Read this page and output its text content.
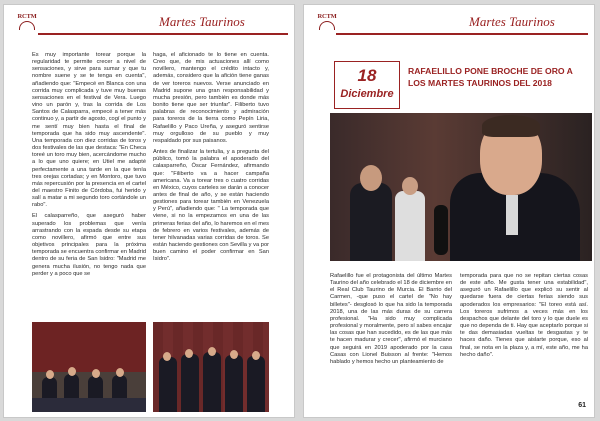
RCTM	Martes Taurinos

Es muy importante torear porque la regularidad te permite crecer a nivel de sensaciones, y sirve para sumar y que tu nombre suene y se te tenga en cuenta", añadiendo que: "Empecé en Blanca con una corrida muy complicada y tuve muy buenas sensaciones en el festival de Vera. Luego vino un parón y, tras la corrida de Los Santos de Calasparra, empecé a tener más continuo y, a partir de agosto, cogí el punto y me sentí muy bien hasta el final de temporada que ha sido muy ascendente". Una temporada con diez corridas de toros y dos festivales de las que destaca: "En Checa toreé un toro muy bien, acercándome mucho a lo que uno quiere; en Utiel me adapté perfectamente a una tarde en la que tenía tres orejas cortadas; y en Montoro, que tuvo más repercusión por la presencia en el cartel del maestro Finito de Córdoba, fui herido y salí a matar a mi segundo toro cortándole un rabo".

El calasparreño, que aseguró haber superado los problemas que venía arrastrando con la espada desde su etapa como novillero, afirmó que entre sus objetivos principales para la próxima temporada se encuentra confirmar en Madrid dentro de su feria de San Isidro: "Madrid me genera mucha ilusión, no tengo nada que perder y a poco que se

haga, el aficionado te lo tiene en cuenta. Creo que, de mis actuaciones allí como novillero, mantengo el crédito intacto y, además, considero que la afición tiene ganas de ver toreros nuevos. Verse anunciado en Madrid supone una gran responsabilidad y mucha presión, pero también es donde más bonito tiene que ser triunfar". Filiberto tuvo palabras de reconocimiento y admiración para toreros de la tierra como Pepín Liria, Rafaelillo y Paco Ureña, y aseguró sentirse muy orgulloso de su pueblo y muy respaldado por sus paisanos.

Antes de finalizar la tertulia, y a pregunta del público, tomó la palabra el apoderado del calasparreño, Óscar Fernández, afirmando que: "Filiberto va a hacer campaña americana. Va a torear tres o cuatro corridas en México, cuyos carteles se darán a conocer antes de final de año, y se están haciendo gestiones para torear también en Venezuela y Perú", añadiendo que: " La temporada que viene, si no la empezamos en una de las primeras ferias del año, lo haremos en el mes de febrero en varios festivales, además de tener hilvanadas varias corridas de toros. Se están haciendo gestiones con Sevilla y va por buen camino el poder confirmar en San Isidro".

RCTM	Martes Taurinos
18
Diciembre
RAFAELILLO PONE BROCHE DE ORO A LOS MARTES TAURINOS DEL 2018

Rafaelillo fue el protagonista del último Martes Taurino del año celebrado el 18 de diciembre en el Real Club Taurino de Murcia. El Barrio del Carmen, -que puso el cartel de "No hay billetes"- desglosó lo que ha sido la temporada 2018, una de las más duras de su carrera profesional. "Ha sido muy complicada profesional y moralmente, pero sí sabes encajar las cosas que han sucedido, es de las que más te hacen madurar y crecer", afirmó el murciano que seguirá en 2019 apoderado por la casa Casas con Lionel Buisson al frente: "Hemos hablado y hemos hecho un planteamiento de

temporada para que no se repitan ciertas cosas de este año. Me gusta tener una estabilidad", aseguró un Rafaelillo que explicó su sentir al quedarse fuera de ciertas ferias siendo sus apoderados los empresarios: "El toreo está así. Los toreros sufrimos a veces más en los despachos que delante del toro y lo que duele es que no dependa de ti. Hay que aceptarlo porque si te das demasiadas vueltas te desgastas y te haces daño. Tienes que aislarte porque, eso al final, se nota en la plaza y, a mí, este año, me ha hecho daño".

61
